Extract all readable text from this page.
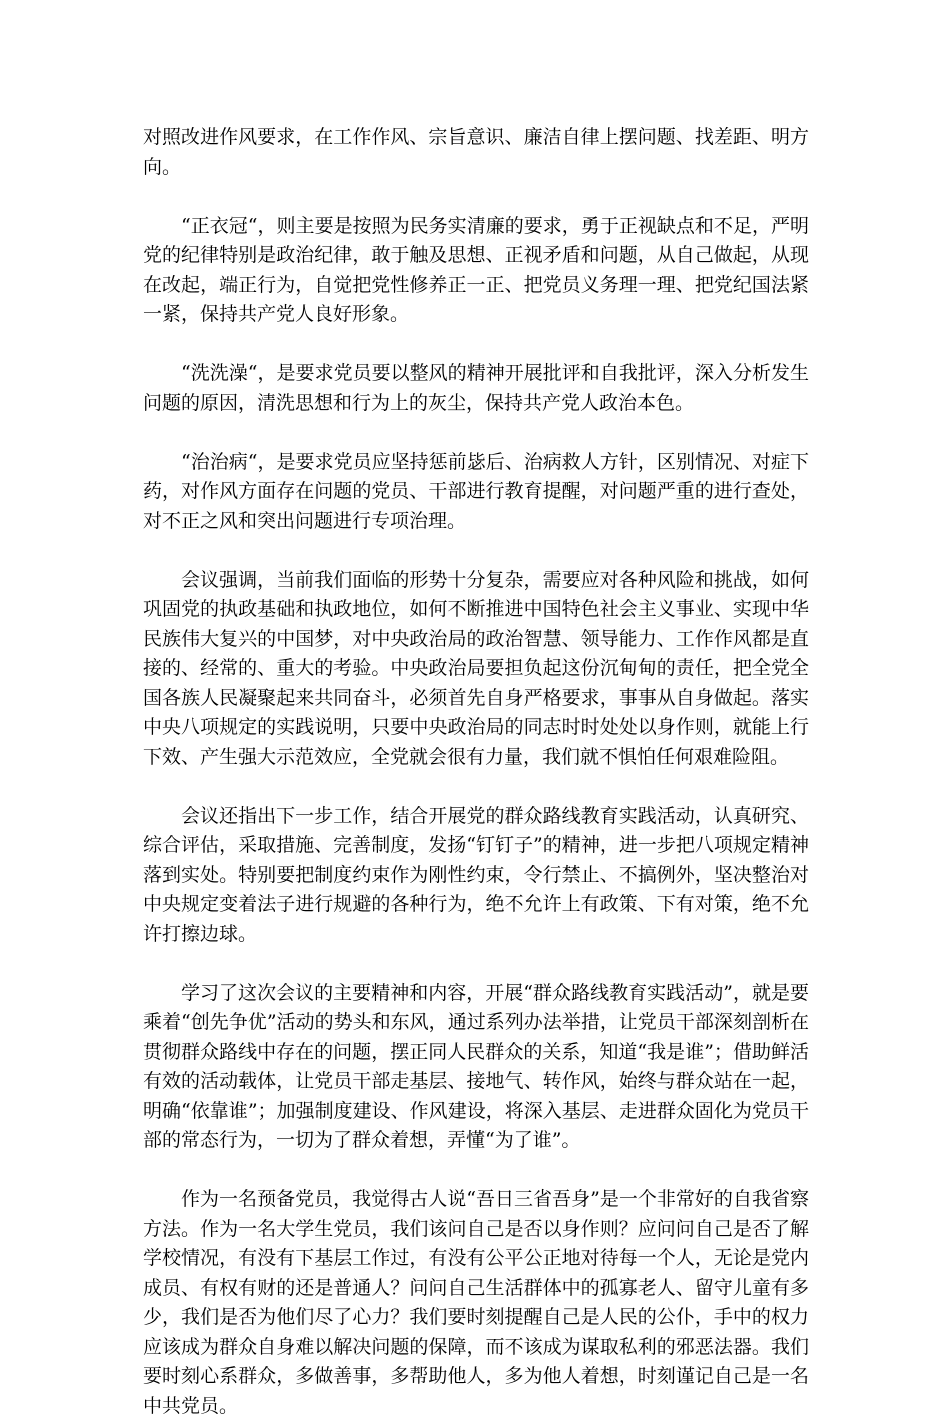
对照改进作风要求，在工作作风、宗旨意识、廉洁自律上摆问题、找差距、明方向。

“正衣冠“，则主要是按照为民务实清廉的要求，勇于正视缺点和不足，严明党的纪律特别是政治纪律，敢于触及思想、正视矛盾和问题，从自己做起，从现在改起，端正行为，自觉把党性修养正一正、把党员义务理一理、把党纪国法紧一紧，保持共产党人良好形象。

“洗洗澡“，是要求党员要以整风的精神开展批评和自我批评，深入分析发生问题的原因，清洗思想和行为上的灰尘，保持共产党人政治本色。

“治治病“，是要求党员应坚持惩前毖后、治病救人方针，区别情况、对症下药，对作风方面存在问题的党员、干部进行教育提醒，对问题严重的进行查处，对不正之风和突出问题进行专项治理。

会议强调，当前我们面临的形势十分复杂，需要应对各种风险和挑战，如何巩固党的执政基础和执政地位，如何不断推进中国特色社会主义事业、实现中华民族伟大复兴的中国梦，对中央政治局的政治智慧、领导能力、工作作风都是直接的、经常的、重大的考验。中央政治局要担负起这份沉甸甸的责任，把全党全国各族人民凝聚起来共同奋斗，必须首先自身严格要求，事事从自身做起。落实中央八项规定的实践说明，只要中央政治局的同志时时处处以身作则，就能上行下效、产生强大示范效应，全党就会很有力量，我们就不惧怕任何艰难险阻。

会议还指出下一步工作，结合开展党的群众路线教育实践活动，认真研究、综合评估，采取措施、完善制度，发扬“钉钉子”的精神，进一步把八项规定精神落到实处。特别要把制度约束作为刚性约束，令行禁止、不搞例外，坚决整治对中央规定变着法子进行规避的各种行为，绝不允许上有政策、下有对策，绝不允许打擦边球。

学习了这次会议的主要精神和内容，开展“群众路线教育实践活动”，就是要乘着“创先争优”活动的势头和东风，通过系列办法举措，让党员干部深刻剖析在贯彻群众路线中存在的问题，摆正同人民群众的关系，知道“我是谁”；借助鲜活有效的活动载体，让党员干部走基层、接地气、转作风，始终与群众站在一起，明确“依靠谁”；加强制度建设、作风建设，将深入基层、走进群众固化为党员干部的常态行为，一切为了群众着想，弄懂“为了谁”。

作为一名预备党员，我觉得古人说“吾日三省吾身”是一个非常好的自我省察方法。作为一名大学生党员，我们该问自己是否以身作则？应问问自己是否了解学校情况，有没有下基层工作过，有没有公平公正地对待每一个人，无论是党内成员、有权有财的还是普通人？问问自己生活群体中的孤寡老人、留守儿童有多少，我们是否为他们尽了心力？我们要时刻提醒自己是人民的公仆，手中的权力应该成为群众自身难以解决问题的保障，而不该成为谋取私利的邪恶法器。我们要时刻心系群众，多做善事，多帮助他人，多为他人着想，时刻谨记自己是一名中共党员。
